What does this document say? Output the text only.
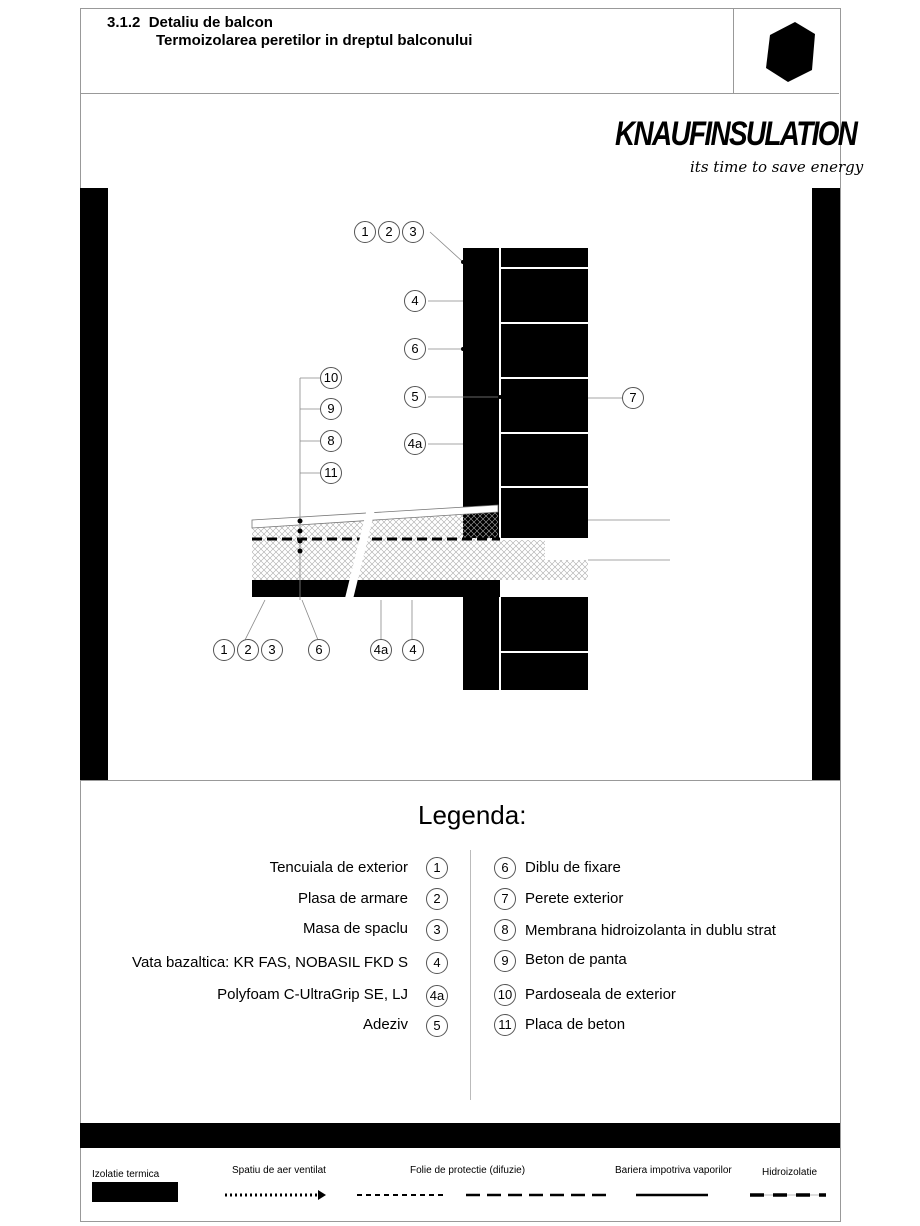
3.1.2 Detaliu de balcon
Termoizolarea peretilor in dreptul balconului
KNAUFINSULATION
its time to save energy
1	2	3
4
6
5
4a
7
10
9
8
11
1	2	3	6	4a	4
Legenda:
Tencuiala de exterior	1
Plasa de armare	2
Masa de spaclu	3
Vata bazaltica: KR FAS, NOBASIL FKD S	4
Polyfoam C-UltraGrip SE, LJ 4a
Adeziv	5
6	Diblu de fixare
7	Perete exterior
8	Membrana hidroizolanta in dublu strat
9	Beton de panta
10 Pardoseala de exterior
11 Placa de beton
Izolatie termica	Spatiu de aer ventilat	Folie de protectie (difuzie)	Bariera impotriva vaporilor	Hidroizolatie
